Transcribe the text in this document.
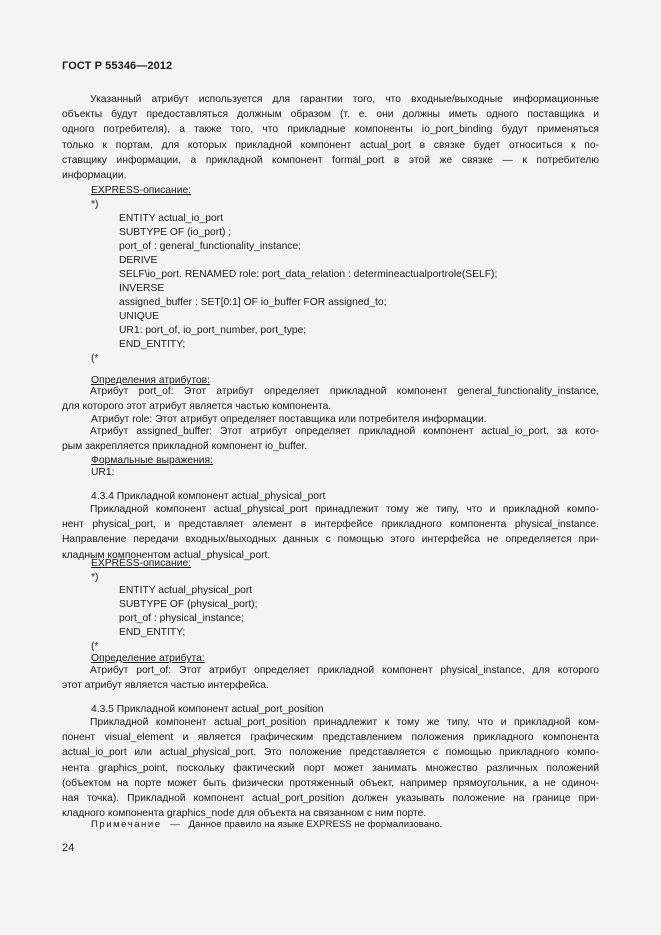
ГОСТ Р 55346—2012

Указанный атрибут используется для гарантии того, что входные/выходные информационные

объекты будут предоставляться должным образом (т. е. они должны иметь одного поставщика и

одного потребителя), а также того, что прикладные компоненты io_port_binding будут применяться

только к портам, для которых прикладной компонент actual_port в связке будет относиться к по-

ставщику информации, а прикладной компонент formal_port в этой же связке — к потребителю

информации.

EXPRESS-описание:
*)
ENTITY actual_io_port
SUBTYPE OF (io_port) ;
port_of : general_functionality_instance;
DERIVE
SELF\io_port. RENAMED role: port_data_relation : determineactualportrole(SELF);
INVERSE
assigned_buffer : SET[0:1] OF io_buffer FOR assigned_to;
UNIQUE
UR1: port_of, io_port_number, port_type;
END_ENTITY;
(*
Определения атрибутов:

Атрибут port_of: Этот атрибут определяет прикладной компонент general_functionality_instance,

для которого этот атрибут является частью компонента.

Атрибут role: Этот атрибут определяет поставщика или потребителя информации.

Атрибут assigned_buffer: Этот атрибут определяет прикладной компонент actual_io_port, за кото-

рым закрепляется прикладной компонент io_buffer.

Формальные выражения:
UR1:
4.3.4 Прикладной компонент actual_physical_port

Прикладной компонент actual_physical_port принадлежит тому же типу, что и прикладной компо-

нент physical_port, и представляет элемент в интерфейсе прикладного компонента physical_instance.

Направление передачи входных/выходных данных с помощью этого интерфейса не определяется при-

кладным компонентом actual_physical_port.

EXPRESS-описание:
*)
ENTITY actual_physical_port
SUBTYPE OF (physical_port);
port_of : physical_instance;
END_ENTITY;
(*
Определение атрибута:

Атрибут port_of: Этот атрибут определяет прикладной компонент physical_instance, для которого

этот атрибут является частью интерфейса.

4.3.5 Прикладной компонент actual_port_position

Прикладной компонент actual_port_position принадлежит к тому же типу, что и прикладной ком-

понент visual_element и является графическим представлением положения прикладного компонента

actual_io_port или actual_physical_port. Это положение представляется с помощью прикладного компо-

нента graphics_point, поскольку фактический порт может занимать множество различных положений

(объектом на порте может быть физически протяженный объект, например прямоугольник, а не одиноч-

ная точка). Прикладной компонент actual_port_position должен указывать положение на границе при-

кладного компонента graphics_node для объекта на связанном с ним порте.

Примечание — Данное правило на языке EXPRESS не формализовано.
24
